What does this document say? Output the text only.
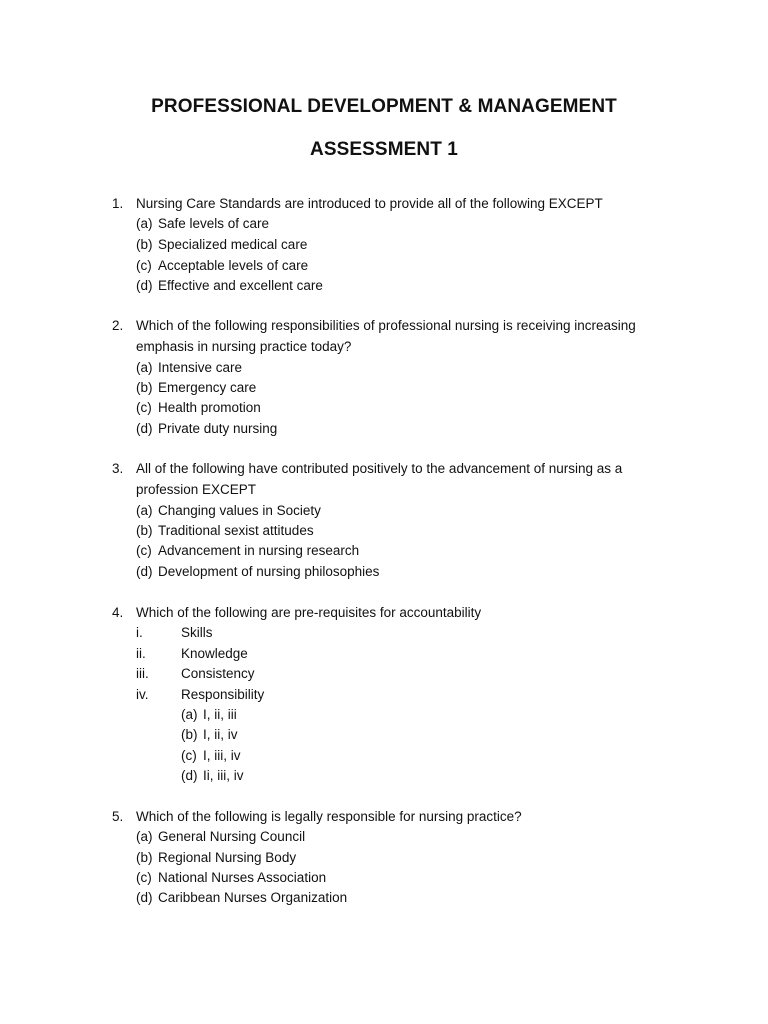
PROFESSIONAL DEVELOPMENT & MANAGEMENT
ASSESSMENT 1
1. Nursing Care Standards are introduced to provide all of the following EXCEPT
(a) Safe levels of care
(b) Specialized medical care
(c) Acceptable levels of care
(d) Effective and excellent care
2. Which of the following responsibilities of professional nursing is receiving increasing
emphasis in nursing practice today?
(a) Intensive care
(b) Emergency care
(c) Health promotion
(d) Private duty nursing
3. All of the following have contributed positively to the advancement of nursing as a
profession EXCEPT
(a) Changing values in Society
(b) Traditional sexist attitudes
(c) Advancement in nursing research
(d) Development of nursing philosophies
4. Which of the following are pre-requisites for accountability
i.	Skills
ii.	Knowledge
iii. Consistency
iv. Responsibility
(a) I, ii, iii
(b) I, ii, iv
(c) I, iii, iv
(d) Ii, iii, iv
5. Which of the following is legally responsible for nursing practice?
(a) General Nursing Council
(b) Regional Nursing Body
(c) National Nurses Association
(d) Caribbean Nurses Organization
